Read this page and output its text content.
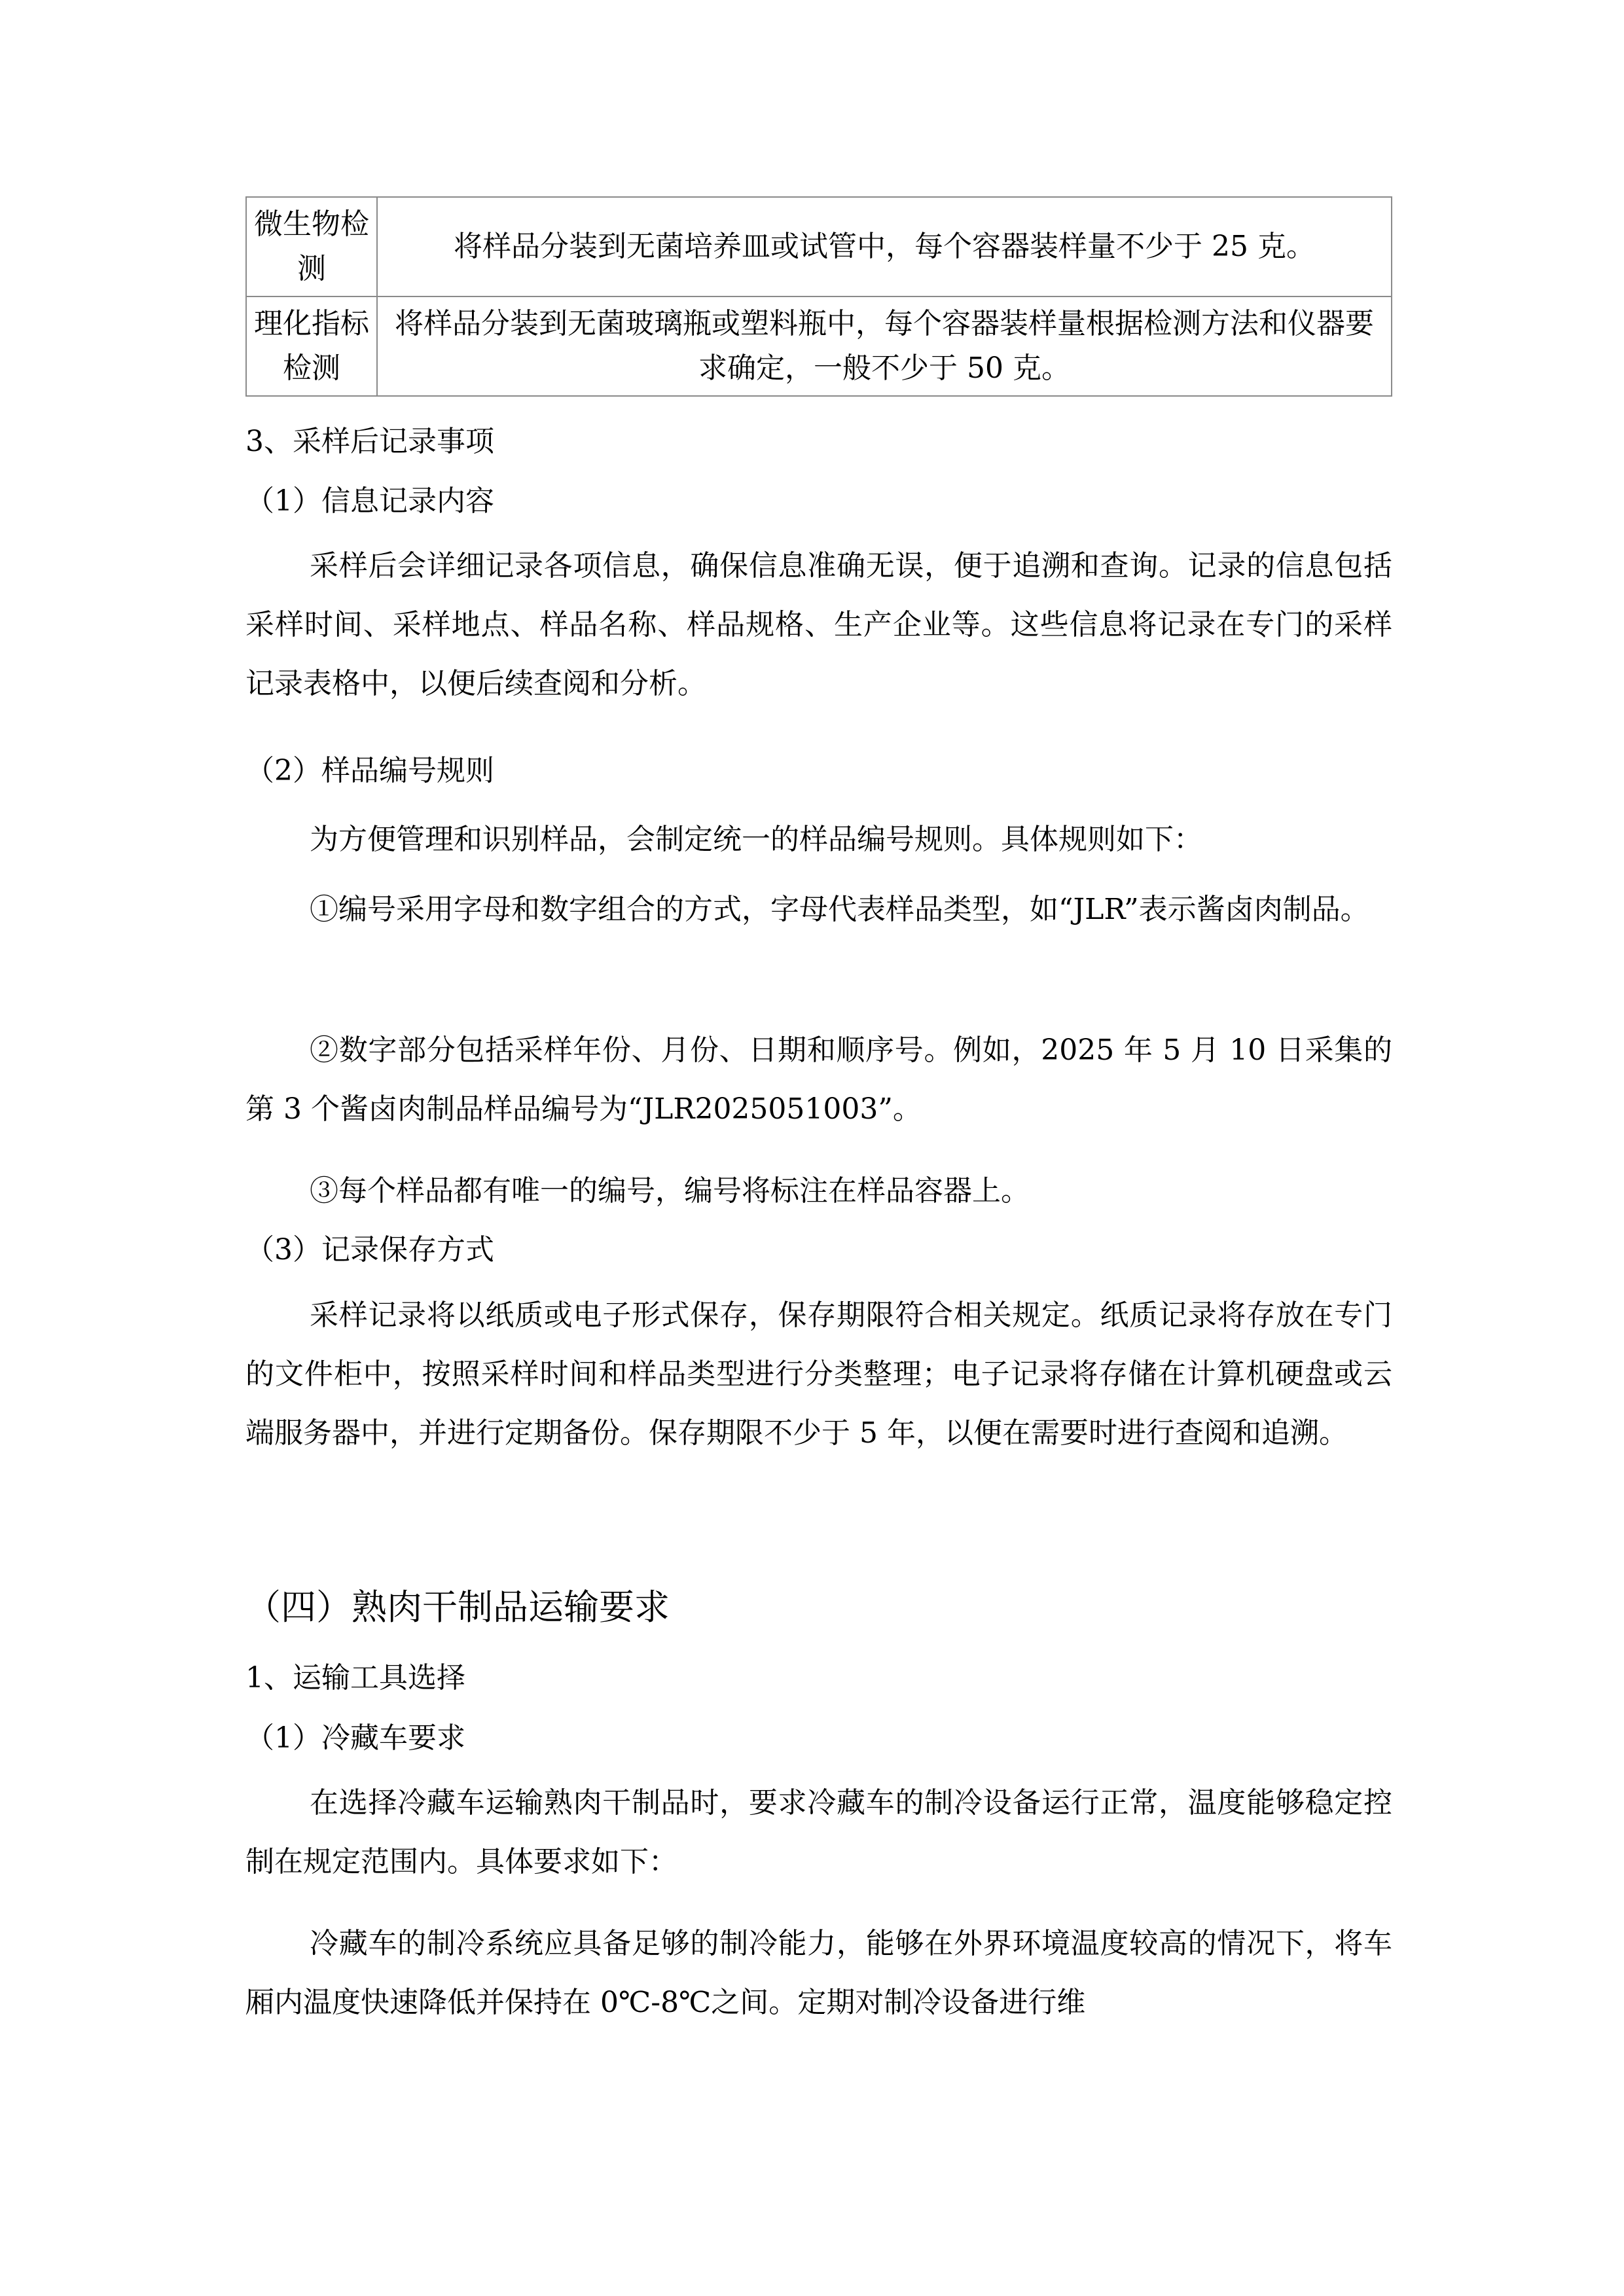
微生物检测	将样品分装到无菌培养皿或试管中，每个容器装样量不少于 25 克。
理化指标检测	将样品分装到无菌玻璃瓶或塑料瓶中，每个容器装样量根据检测方法和仪器要求确定，一般不少于 50 克。
3、采样后记录事项
（1）信息记录内容
采样后会详细记录各项信息，确保信息准确无误，便于追溯和查询。记录的信息包括采样时间、采样地点、样品名称、样品规格、生产企业等。这些信息将记录在专门的采样记录表格中，以便后续查阅和分析。
（2）样品编号规则
为方便管理和识别样品，会制定统一的样品编号规则。具体规则如下：
①编号采用字母和数字组合的方式，字母代表样品类型，如“JLR”表示酱卤肉制品。
②数字部分包括采样年份、月份、日期和顺序号。例如，2025 年 5 月 10 日采集的第 3 个酱卤肉制品样品编号为“JLR2025051003”。
③每个样品都有唯一的编号，编号将标注在样品容器上。
（3）记录保存方式
采样记录将以纸质或电子形式保存，保存期限符合相关规定。纸质记录将存放在专门的文件柜中，按照采样时间和样品类型进行分类整理；电子记录将存储在计算机硬盘或云端服务器中，并进行定期备份。保存期限不少于 5 年，以便在需要时进行查阅和追溯。
（四）熟肉干制品运输要求
1、运输工具选择
（1）冷藏车要求
在选择冷藏车运输熟肉干制品时，要求冷藏车的制冷设备运行正常，温度能够稳定控制在规定范围内。具体要求如下：
冷藏车的制冷系统应具备足够的制冷能力，能够在外界环境温度较高的情况下，将车厢内温度快速降低并保持在 0℃-8℃之间。定期对制冷设备进行维
